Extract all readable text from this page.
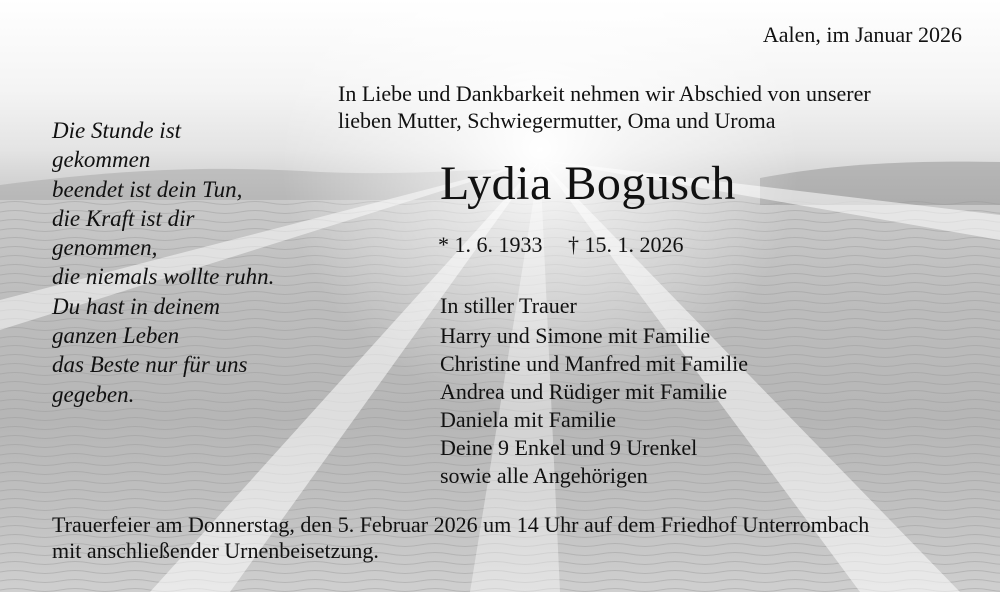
Aalen, im Januar 2026
In Liebe und Dankbarkeit nehmen wir Abschied von unserer
lieben Mutter, Schwiegermutter, Oma und Uroma
Lydia Bogusch
* 1. 6. 1933 † 15. 1. 2026
Die Stunde ist
gekommen
beendet ist dein Tun,
die Kraft ist dir
genommen,
die niemals wollte ruhn.
Du hast in deinem
ganzen Leben
das Beste nur für uns
gegeben.
In stiller Trauer
Harry und Simone mit Familie
Christine und Manfred mit Familie
Andrea und Rüdiger mit Familie
Daniela mit Familie
Deine 9 Enkel und 9 Urenkel
sowie alle Angehörigen
Trauerfeier am Donnerstag, den 5. Februar 2026 um 14 Uhr auf dem Friedhof Unterrombach
mit anschließender Urnenbeisetzung.
